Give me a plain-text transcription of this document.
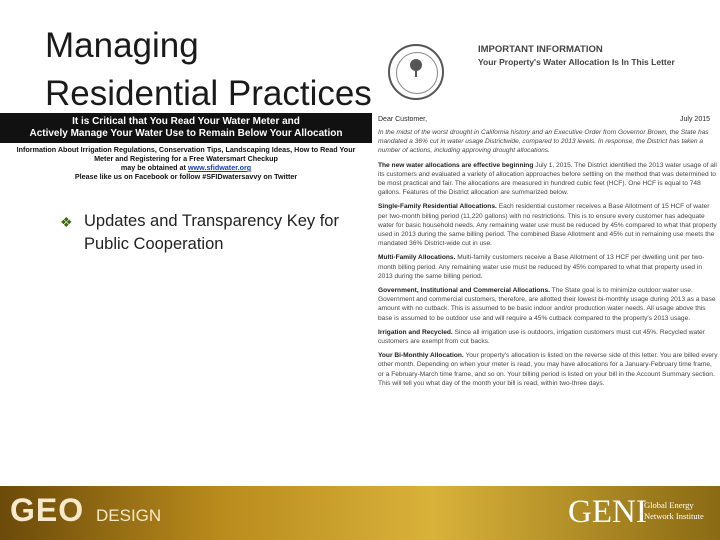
Managing
Residential Practices
It is Critical that You Read Your Water Meter and
Actively Manage Your Water Use to Remain Below Your Allocation
Information About Irrigation Regulations, Conservation Tips, Landscaping Ideas, How to Read Your
Meter and Registering for a Free Watersmart Checkup
may be obtained at www.sfidwater.org
Please like us on Facebook or follow #SFIDwatersavvy on Twitter
❖ Updates and Transparency Key for Public Cooperation
IMPORTANT INFORMATION
Your Property's Water Allocation Is In This Letter
Dear Customer,	July 2015

In the midst of the worst drought in California history and an Executive Order from Governor Brown, the State has mandated a 36% cut in water usage Districtwide, compared to 2013 levels. In response, the District has taken a number of actions, including approving drought allocations.

The new water allocations are effective beginning July 1, 2015. The District identified the 2013 water usage of all its customers and evaluated a variety of allocation approaches before settling on the method that was determined to be most practical and fair. The allocations are measured in hundred cubic feet (HCF). One HCF is equal to 748 gallons. Features of the District allocation are summarized below.

Single-Family Residential Allocations. Each residential customer receives a Base Allotment of 15 HCF of water per two-month billing period (11,220 gallons) with no restrictions. This is to ensure every customer has adequate water for basic household needs. Any remaining water use must be reduced by 45% compared to what that property used in 2013 during the same billing period. The combined Base Allotment and 45% cut in remaining use meets the mandated 36% District-wide cut in use.

Multi-Family Allocations. Multi-family customers receive a Base Allotment of 13 HCF per dwelling unit per two-month billing period. Any remaining water use must be reduced by 45% compared to what that property used in 2013 during the same billing period.

Government, Institutional and Commercial Allocations. The State goal is to minimize outdoor water use. Government and commercial customers, therefore, are allotted their lowest bi-monthly usage during 2013 as a base amount with no cutback. This is assumed to be basic indoor and/or production water needs. All usage above this base is assumed to be outdoor use and will require a 45% cutback compared to the property's 2013 usage.

Irrigation and Recycled. Since all irrigation use is outdoors, irrigation customers must cut 45%. Recycled water customers are exempt from cut backs.

Your Bi-Monthly Allocation. Your property's allocation is listed on the reverse side of this letter. You are billed every other month. Depending on when your meter is read, you may have allocations for a January-February time frame, or a February-March time frame, and so on. Your billing period is listed on your bill in the Account Summary section. This will tell you what day of the month your bill is read, within two-three days.

GEO DESIGN	GENI
Global Energy
Network Institute
